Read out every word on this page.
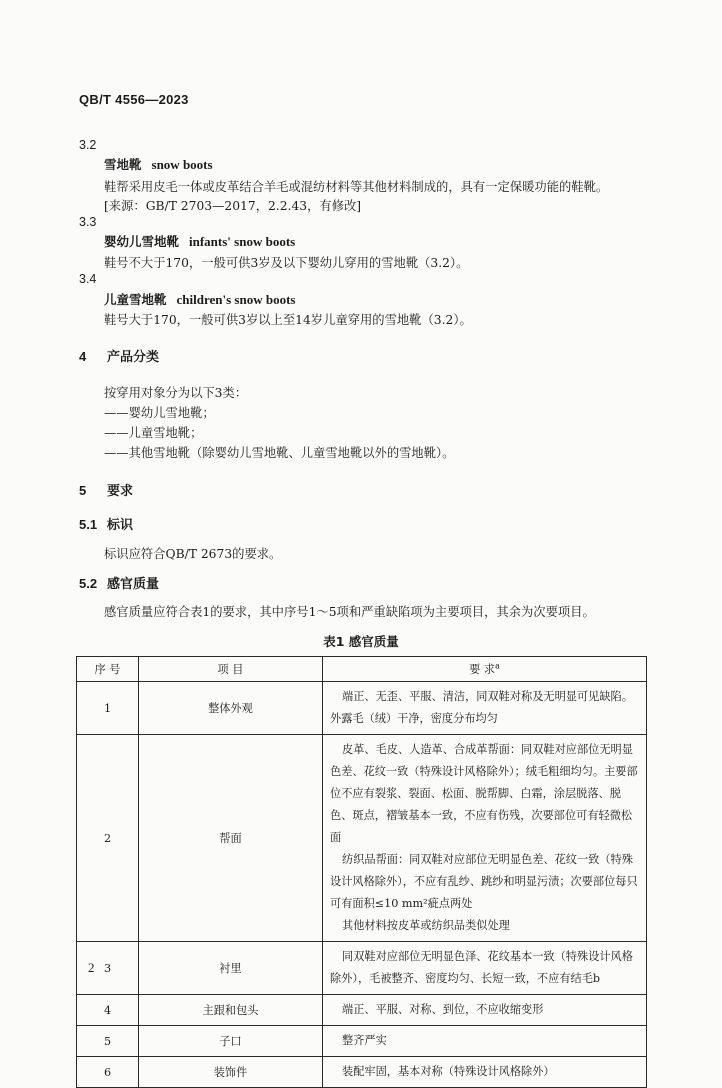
QB/T 4556—2023
3.2
雪地靴 snow boots
鞋帮采用皮毛一体或皮革结合羊毛或混纺材料等其他材料制成的，具有一定保暖功能的鞋靴。
[来源：GB/T 2703—2017，2.2.43，有修改]
3.3
婴幼儿雪地靴 infants' snow boots
鞋号不大于170，一般可供3岁及以下婴幼儿穿用的雪地靴（3.2）。
3.4
儿童雪地靴 children's snow boots
鞋号大于170，一般可供3岁以上至14岁儿童穿用的雪地靴（3.2）。
4 产品分类
按穿用对象分为以下3类：
——婴幼儿雪地靴；
——儿童雪地靴；
——其他雪地靴（除婴幼儿雪地靴、儿童雪地靴以外的雪地靴）。
5 要求
5.1 标识
标识应符合QB/T 2673的要求。
5.2 感官质量
感官质量应符合表1的要求，其中序号1～5项和严重缺陷项为主要项目，其余为次要项目。
表1 感官质量
序 号	项 目	要 求$^a$
1	整体外观	端正、无歪、平服、清洁，同双鞋对称及无明显可见缺陷。外露毛（绒）干净，密度分布均匀

2	帮面	皮革、毛皮、人造革、合成革帮面：同双鞋对应部位无明显色差、花纹一致（特殊设计风格除外）；绒毛粗细均匀。主要部位不应有裂浆、裂面、松面、脱帮脚、白霜，涂层脱落、脱色、斑点，褶皱基本一致，不应有伤残，次要部位可有轻微松面

纺织品帮面：同双鞋对应部位无明显色差、花纹一致（特殊设计风格除外），不应有乱纱、跳纱和明显污渍；次要部位每只可有面积≤10 mm²疵点两处

其他材料按皮革或纺织品类似处理

3	衬里	同双鞋对应部位无明显色泽、花纹基本一致（特殊设计风格除外），毛被整齐、密度均匀、长短一致，不应有结毛b

4	主跟和包头	端正、平服、对称、到位，不应收缩变形

5	子口	整齐严实

6	装饰件	装配牢固，基本对称（特殊设计风格除外）

2
